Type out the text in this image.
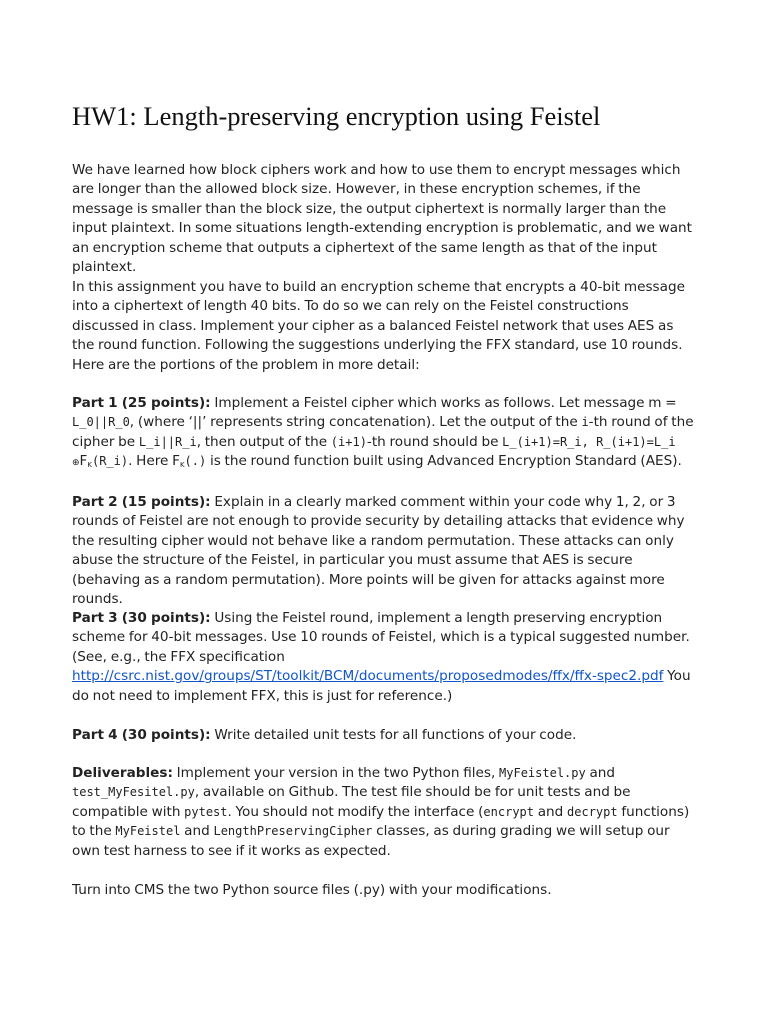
HW1: Length-preserving encryption using Feistel

We have learned how block ciphers work and how to use them to encrypt messages which are longer than the allowed block size. However, in these encryption schemes, if the message is smaller than the block size, the output ciphertext is normally larger than the input plaintext. In some situations length-extending encryption is problematic, and we want an encryption scheme that outputs a ciphertext of the same length as that of the input plaintext.

In this assignment you have to build an encryption scheme that encrypts a 40-bit message into a ciphertext of length 40 bits. To do so we can rely on the Feistel constructions discussed in class. Implement your cipher as a balanced Feistel network that uses AES as the round function. Following the suggestions underlying the FFX standard, use 10 rounds. Here are the portions of the problem in more detail:

Part 1 (25 points): Implement a Feistel cipher which works as follows. Let message m = L_0||R_0, (where ‘||’ represents string concatenation). Let the output of the i-th round of the cipher be L_i||R_i, then output of the (i+1)-th round should be L_(i+1)=R_i, R_(i+1)=L_i
$\oplus F_K(R\_i)$. Here $F_K(.)$ is the round function built using Advanced Encryption Standard (AES).

Part 2 (15 points): Explain in a clearly marked comment within your code why 1, 2, or 3 rounds of Feistel are not enough to provide security by detailing attacks that evidence why the resulting cipher would not behave like a random permutation. These attacks can only abuse the structure of the Feistel, in particular you must assume that AES is secure (behaving as a random permutation). More points will be given for attacks against more rounds.

Part 3 (30 points): Using the Feistel round, implement a length preserving encryption scheme for 40-bit messages. Use 10 rounds of Feistel, which is a typical suggested number. (See, e.g., the FFX specification
http://csrc.nist.gov/groups/ST/toolkit/BCM/documents/proposedmodes/ffx/ffx-spec2.pdf You do not need to implement FFX, this is just for reference.)

Part 4 (30 points): Write detailed unit tests for all functions of your code.

Deliverables: Implement your version in the two Python files, MyFeistel.py and test_MyFesitel.py, available on Github. The test file should be for unit tests and be compatible with pytest. You should not modify the interface (encrypt and decrypt functions) to the MyFeistel and LengthPreservingCipher classes, as during grading we will setup our own test harness to see if it works as expected.

Turn into CMS the two Python source files (.py) with your modifications.
